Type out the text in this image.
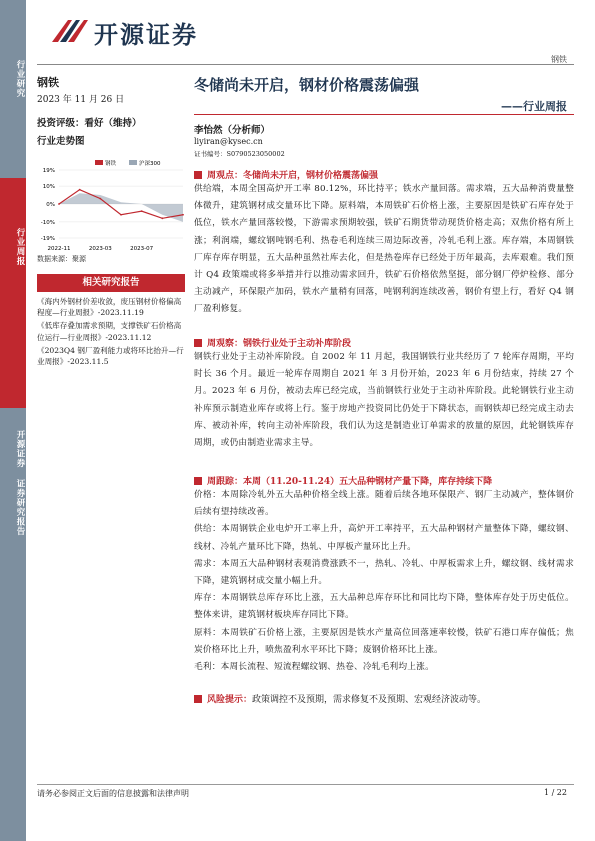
行业研究
行业周报
开源证券 证券研究报告
开源证券
钢铁
钢铁
2023 年 11 月 26 日
投资评级：看好（维持）
行业走势图
钢铁	沪深300
19%
10%
0%
-10%
-19%
2022-11	2023-03	2023-07
数据来源：聚源
相关研究报告
《海内外钢材价差收敛，废压钢材价格偏高程度—行业周报》-2023.11.19
《低库存叠加需求预期，支撑铁矿石价格高位运行—行业周报》-2023.11.12
《2023Q4 钢厂盈利能力或将环比抬升—行业周报》-2023.11.5
冬储尚未开启，钢材价格震荡偏强
——行业周报
李怡然（分析师）
liyiran@kysec.cn
证书编号：S0790523050002
周观点：冬储尚未开启，钢材价格震荡偏强
供给端，本周全国高炉开工率 80.12%，环比持平；铁水产量回落。需求端，五大品种消费量整体微升，建筑钢材成交量环比下降。原料端，本周铁矿石价格上涨，主要原因是铁矿石库存处于低位，铁水产量回落较慢，下游需求预期较强，铁矿石期货带动现货价格走高；双焦价格有所上涨；利润端，螺纹钢吨钢毛利、热卷毛利连续三周边际改善，冷轧毛利上涨。库存端，本周钢铁厂库存库存明显，五大品种虽然社库去化，但是热卷库存已经处于历年最高，去库艰难。我们预计 Q4 政策端或将多举措并行以推动需求回升，铁矿石价格依然坚挺，部分钢厂停炉检修、部分主动减产，环保限产加码，铁水产量稍有回落，吨钢利润连续改善，钢价有望上行，看好 Q4 钢厂盈利修复。
周观察：钢铁行业处于主动补库阶段
钢铁行业处于主动补库阶段。自 2002 年 11 月起，我国钢铁行业共经历了 7 轮库存周期，平均时长 36 个月。最近一轮库存周期自 2021 年 3 月份开始，2023 年 6 月份结束，持续 27 个月。2023 年 6 月份，被动去库已经完成，当前钢铁行业处于主动补库阶段。此轮钢铁行业主动补库预示制造业库存或将上行。鉴于房地产投资同比仍处于下降状态，而钢铁却已经完成主动去库、被动补库，转向主动补库阶段，我们认为这是制造业订单需求的放量的原因，此轮钢铁库存周期，或仍由制造业需求主导。
周跟踪：本周（11.20-11.24）五大品种钢材产量下降，库存持续下降
价格：本周除冷轧外五大品种价格全线上涨。随着后续各地环保限产、钢厂主动减产，整体钢价后续有望持续改善。
供给：本周钢铁企业电炉开工率上升，高炉开工率持平，五大品种钢材产量整体下降，螺纹钢、线材、冷轧产量环比下降，热轧、中厚板产量环比上升。
需求：本周五大品种钢材表观消费涨跌不一，热轧、冷轧、中厚板需求上升，螺纹钢、线材需求下降，建筑钢材成交量小幅上升。
库存：本周钢铁总库存环比上涨，五大品种总库存环比和同比均下降，整体库存处于历史低位。整体来讲，建筑钢材板块库存同比下降。
原料：本周铁矿石价格上涨，主要原因是铁水产量高位回落速率较慢，铁矿石港口库存偏低；焦炭价格环比上升，喷焦盈利水平环比下降；废钢价格环比上涨。
毛利：本周长流程、短流程螺纹钢、热卷、冷轧毛利均上涨。
风险提示： 政策调控不及预期，需求修复不及预期、宏观经济波动等。
请务必参阅正文后面的信息披露和法律声明	1 / 22
